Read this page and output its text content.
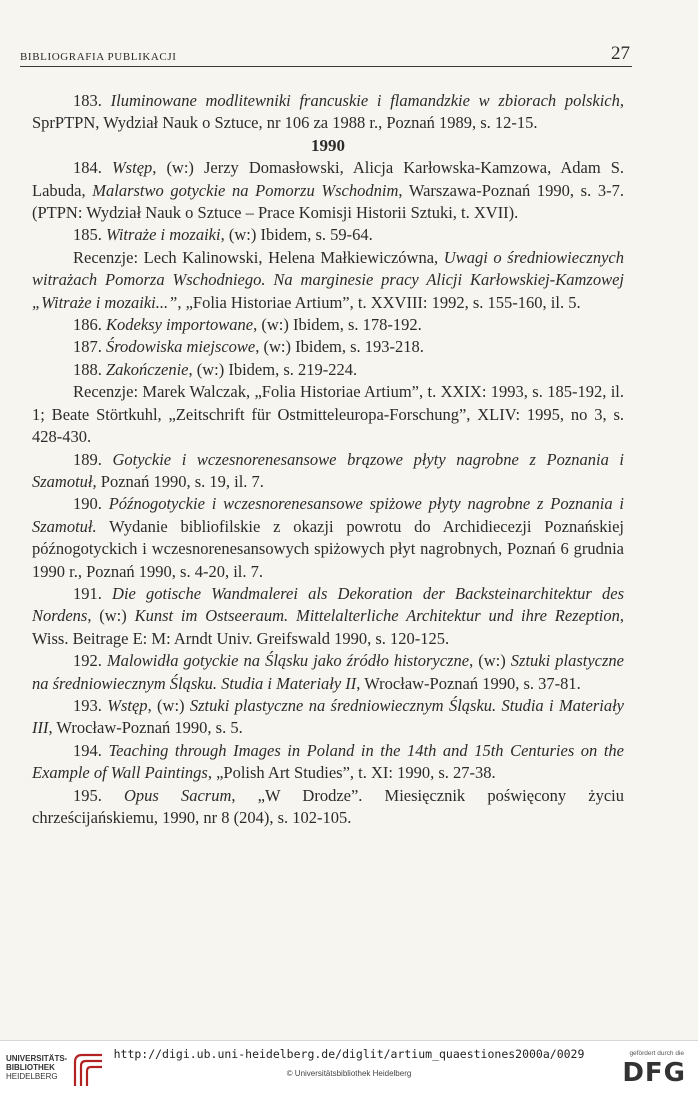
BIBLIOGRAFIA PUBLIKACJI	27

183. Iluminowane modlitewniki francuskie i flamandzkie w zbiorach polskich, SprPTPN, Wydział Nauk o Sztuce, nr 106 za 1988 r., Poznań 1989, s. 12-15.

1990

184. Wstęp, (w:) Jerzy Domasłowski, Alicja Karłowska-Kamzowa, Adam S. Labuda, Malarstwo gotyckie na Pomorzu Wschodnim, Warszawa-Poznań 1990, s. 3-7. (PTPN: Wydział Nauk o Sztuce – Prace Komisji Historii Sztuki, t. XVII).

185. Witraże i mozaiki, (w:) Ibidem, s. 59-64.

Recenzje: Lech Kalinowski, Helena Małkiewiczówna, Uwagi o średniowiecznych witrażach Pomorza Wschodniego. Na marginesie pracy Alicji Karłowskiej-Kamzowej „Witraże i mozaiki...”, „Folia Historiae Artium”, t. XXVIII: 1992, s. 155-160, il. 5.

186. Kodeksy importowane, (w:) Ibidem, s. 178-192.

187. Środowiska miejscowe, (w:) Ibidem, s. 193-218.

188. Zakończenie, (w:) Ibidem, s. 219-224.

Recenzje: Marek Walczak, „Folia Historiae Artium”, t. XXIX: 1993, s. 185-192, il. 1; Beate Störtkuhl, „Zeitschrift für Ostmitteleuropa-Forschung”, XLIV: 1995, no 3, s. 428-430.

189. Gotyckie i wczesnorenesansowe brązowe płyty nagrobne z Poznania i Szamotuł, Poznań 1990, s. 19, il. 7.

190. Późnogotyckie i wczesnorenesansowe spiżowe płyty nagrobne z Poznania i Szamotuł. Wydanie bibliofilskie z okazji powrotu do Archidiecezji Poznańskiej późnogotyckich i wczesnorenesansowych spiżowych płyt nagrobnych, Poznań 6 grudnia 1990 r., Poznań 1990, s. 4-20, il. 7.

191. Die gotische Wandmalerei als Dekoration der Backsteinarchitektur des Nordens, (w:) Kunst im Ostseeraum. Mittelalterliche Architektur und ihre Rezeption, Wiss. Beitrage E: M: Arndt Univ. Greifswald 1990, s. 120-125.

192. Malowidła gotyckie na Śląsku jako źródło historyczne, (w:) Sztuki plastyczne na średniowiecznym Śląsku. Studia i Materiały II, Wrocław-Poznań 1990, s. 37-81.

193. Wstęp, (w:) Sztuki plastyczne na średniowiecznym Śląsku. Studia i Materiały III, Wrocław-Poznań 1990, s. 5.

194. Teaching through Images in Poland in the 14th and 15th Centuries on the Example of Wall Paintings, „Polish Art Studies”, t. XI: 1990, s. 27-38.

195. Opus Sacrum, „W Drodze”. Miesięcznik poświęcony życiu chrześcijańskiemu, 1990, nr 8 (204), s. 102-105.

UNIVERSITÄTS-
BIBLIOTHEK
HEIDELBERG
http://digi.ub.uni-heidelberg.de/diglit/artium_quaestiones2000a/0029
© Universitätsbibliothek Heidelberg
gefördert durch die
DFG
